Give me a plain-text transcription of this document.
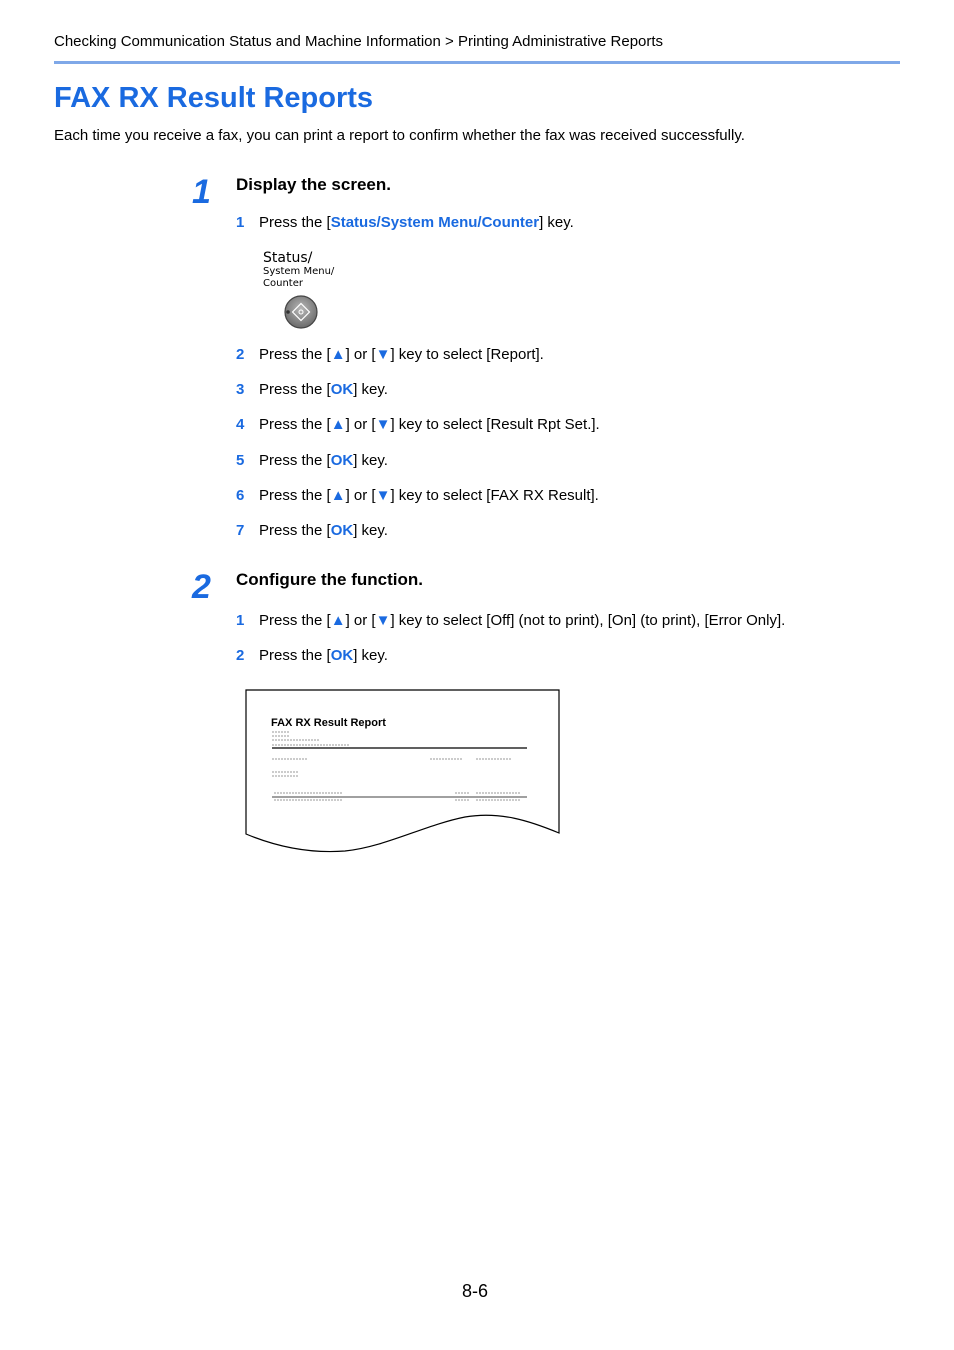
Checking Communication Status and Machine Information > Printing Administrative Reports
FAX RX Result Reports
Each time you receive a fax, you can print a report to confirm whether the fax was received successfully.
1 Display the screen.
1 Press the [Status/System Menu/Counter] key.
Status/
System Menu/
Counter
2 Press the [▲] or [▼] key to select [Report].
3 Press the [OK] key.
4 Press the [▲] or [▼] key to select [Result Rpt Set.].
5 Press the [OK] key.
6 Press the [▲] or [▼] key to select [FAX RX Result].
7 Press the [OK] key.
2 Configure the function.
1 Press the [▲] or [▼] key to select [Off] (not to print), [On] (to print), [Error Only].
2 Press the [OK] key.
FAX RX Result Report
8-6
